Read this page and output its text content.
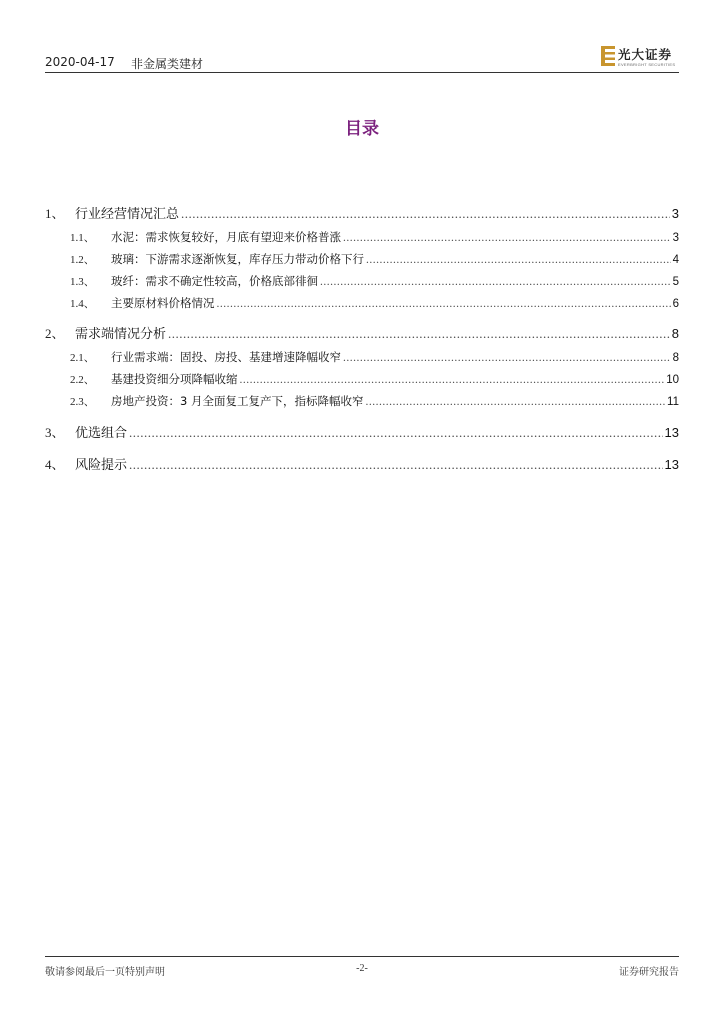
2020-04-17 非金属类建材
光大证券
EVERBRIGHT SECURITIES
目录
1、 行业经营情况汇总 .....	3
1.1、	水泥：需求恢复较好，月底有望迎来价格普涨 .....	3
1.2、	玻璃：下游需求逐渐恢复，库存压力带动价格下行 .....	4
1.3、	玻纤：需求不确定性较高，价格底部徘徊 .....	5
1.4、	主要原材料价格情况 .....	6
2、 需求端情况分析 .....	8
2.1、	行业需求端：固投、房投、基建增速降幅收窄 .....	8
2.2、	基建投资细分项降幅收缩 .....	10
2.3、	房地产投资：3 月全面复工复产下，指标降幅收窄 .....	11
3、 优选组合 .....	13
4、 风险提示 .....	13
敬请参阅最后一页特别声明	-2-	证券研究报告
